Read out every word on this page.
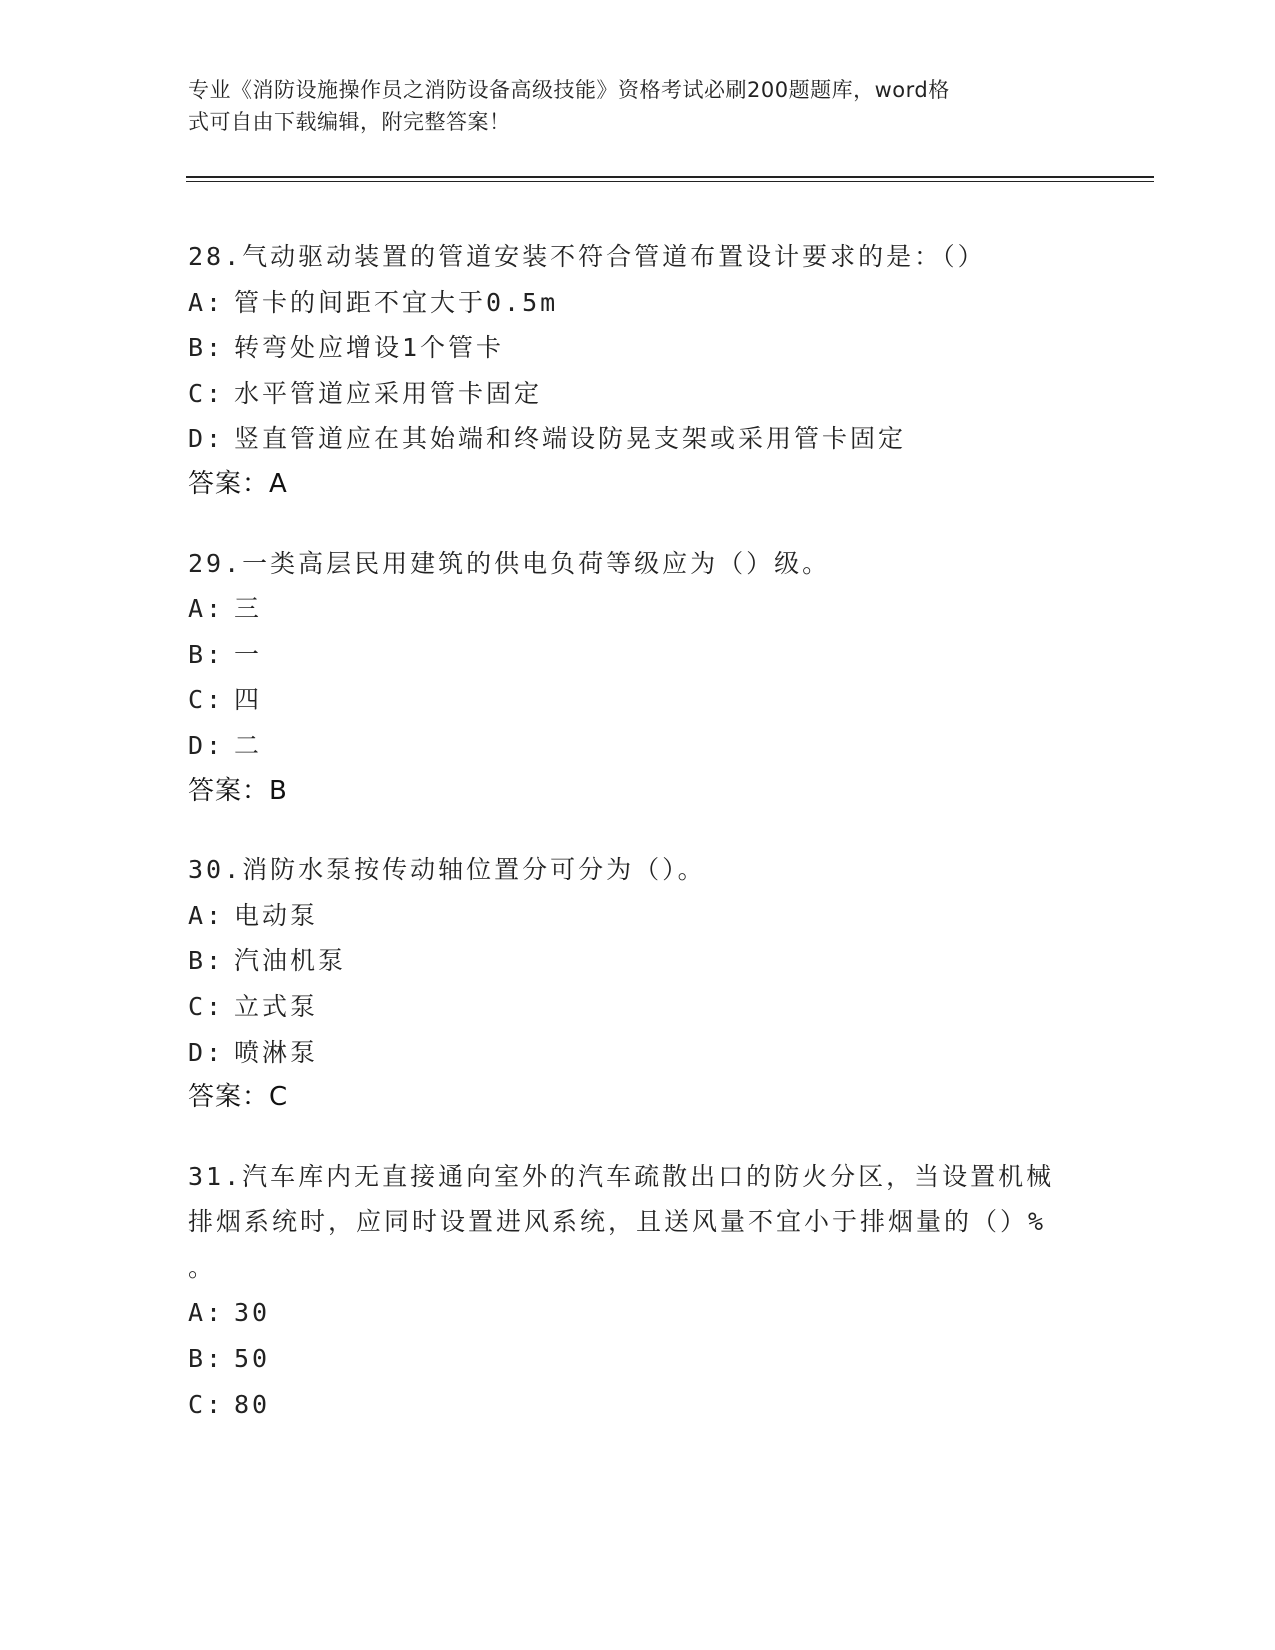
专业《消防设施操作员之消防设备高级技能》资格考试必刷200题题库，word格
式可自由下载编辑，附完整答案！
28.气动驱动装置的管道安装不符合管道布置设计要求的是：（）
A: 管卡的间距不宜大于0.5m
B: 转弯处应增设1个管卡
C: 水平管道应采用管卡固定
D: 竖直管道应在其始端和终端设防晃支架或采用管卡固定
答案：A
29.一类高层民用建筑的供电负荷等级应为（）级。
A: 三
B: 一
C: 四
D: 二
答案：B
30.消防水泵按传动轴位置分可分为（）。
A: 电动泵
B: 汽油机泵
C: 立式泵
D: 喷淋泵
答案：C
31.汽车库内无直接通向室外的汽车疏散出口的防火分区，当设置机械
排烟系统时，应同时设置进风系统，且送风量不宜小于排烟量的（）%
。
A: 30
B: 50
C: 80
